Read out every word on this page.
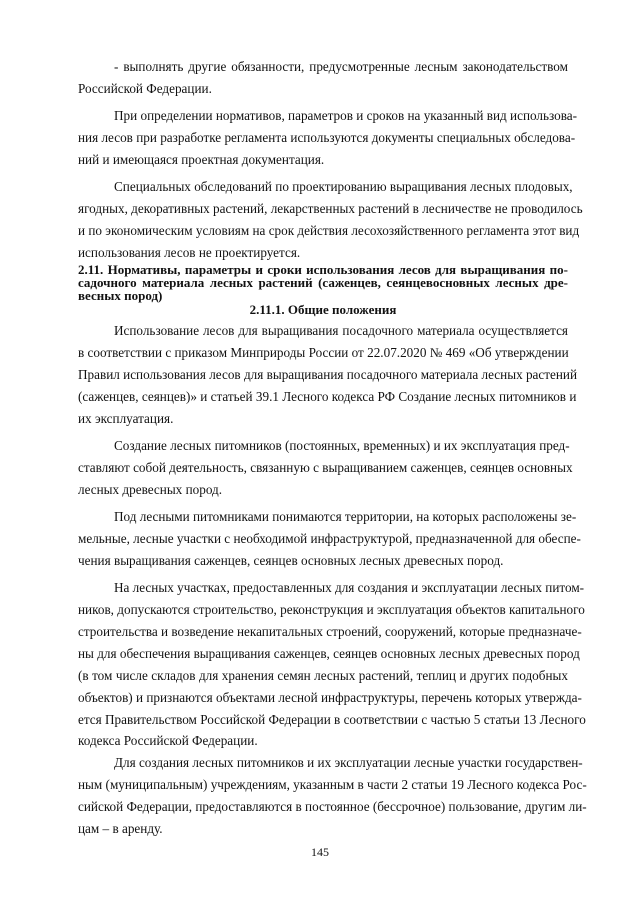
- выполнять другие обязанности, предусмотренные лесным законодательством
Российской Федерации.
При определении нормативов, параметров и сроков на указанный вид использова-
ния лесов при разработке регламента используются документы специальных обследова-
ний и имеющаяся проектная документация.
Специальных обследований по проектированию выращивания лесных плодовых,
ягодных, декоративных растений, лекарственных растений в лесничестве не проводилось
и по экономическим условиям на срок действия лесохозяйственного регламента этот вид
использования лесов не проектируется.
2.11. Нормативы, параметры и сроки использования лесов для выращивания по-
садочного материала лесных растений (саженцев, сеянцевосновных лесных дре-
весных пород)
2.11.1. Общие положения
Использование лесов для выращивания посадочного материала осуществляется
в соответствии с приказом Минприроды России от 22.07.2020 № 469 «Об утверждении
Правил использования лесов для выращивания посадочного материала лесных растений
(саженцев, сеянцев)» и статьей 39.1 Лесного кодекса РФ Создание лесных питомников и
их эксплуатация.
Создание лесных питомников (постоянных, временных) и их эксплуатация пред-
ставляют собой деятельность, связанную с выращиванием саженцев, сеянцев основных
лесных древесных пород.
Под лесными питомниками понимаются территории, на которых расположены зе-
мельные, лесные участки с необходимой инфраструктурой, предназначенной для обеспе-
чения выращивания саженцев, сеянцев основных лесных древесных пород.
На лесных участках, предоставленных для создания и эксплуатации лесных питом-
ников, допускаются строительство, реконструкция и эксплуатация объектов капитального
строительства и возведение некапитальных строений, сооружений, которые предназначе-
ны для обеспечения выращивания саженцев, сеянцев основных лесных древесных пород
(в том числе складов для хранения семян лесных растений, теплиц и других подобных
объектов) и признаются объектами лесной инфраструктуры, перечень которых утвержда-
ется Правительством Российской Федерации в соответствии с частью 5 статьи 13 Лесного
кодекса Российской Федерации.
Для создания лесных питомников и их эксплуатации лесные участки государствен-
ным (муниципальным) учреждениям, указанным в части 2 статьи 19 Лесного кодекса Рос-
сийской Федерации, предоставляются в постоянное (бессрочное) пользование, другим ли-
цам – в аренду.
145
